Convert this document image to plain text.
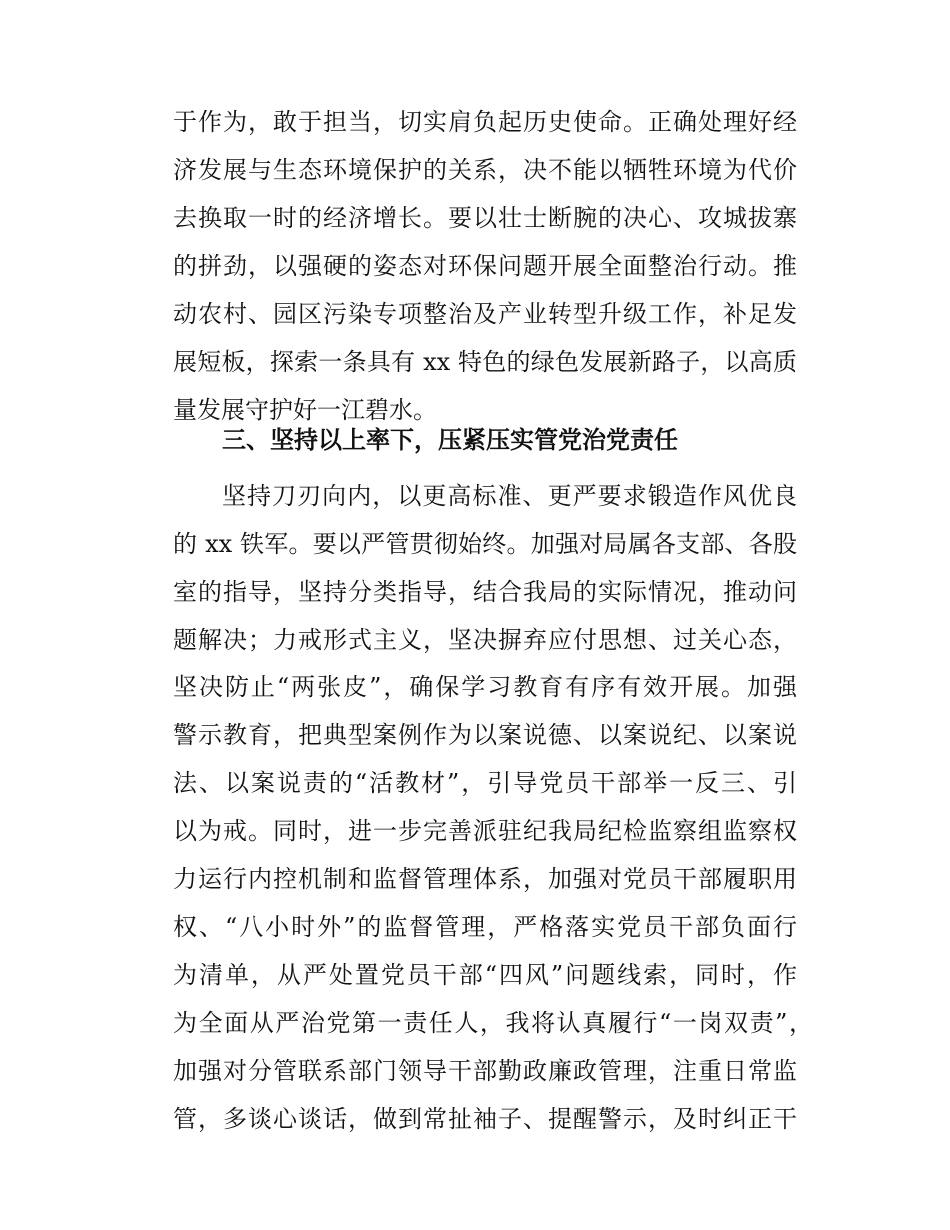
于作为，敢于担当，切实肩负起历史使命。正确处理好经
济发展与生态环境保护的关系，决不能以牺牲环境为代价
去换取一时的经济增长。要以壮士断腕的决心、攻城拔寨
的拼劲，以强硬的姿态对环保问题开展全面整治行动。推
动农村、园区污染专项整治及产业转型升级工作，补足发
展短板，探索一条具有 xx 特色的绿色发展新路子，以高质
量发展守护好一江碧水。
三、坚持以上率下，压紧压实管党治党责任
坚持刀刃向内，以更高标准、更严要求锻造作风优良
的 xx 铁军。要以严管贯彻始终。加强对局属各支部、各股
室的指导，坚持分类指导，结合我局的实际情况，推动问
题解决；力戒形式主义，坚决摒弃应付思想、过关心态，
坚决防止“两张皮”，确保学习教育有序有效开展。加强
警示教育，把典型案例作为以案说德、以案说纪、以案说
法、以案说责的“活教材”，引导党员干部举一反三、引
以为戒。同时，进一步完善派驻纪我局纪检监察组监察权
力运行内控机制和监督管理体系，加强对党员干部履职用
权、“八小时外”的监督管理，严格落实党员干部负面行
为清单，从严处置党员干部“四风”问题线索，同时，作
为全面从严治党第一责任人，我将认真履行“一岗双责”，
加强对分管联系部门领导干部勤政廉政管理，注重日常监
管，多谈心谈话，做到常扯袖子、提醒警示，及时纠正干
